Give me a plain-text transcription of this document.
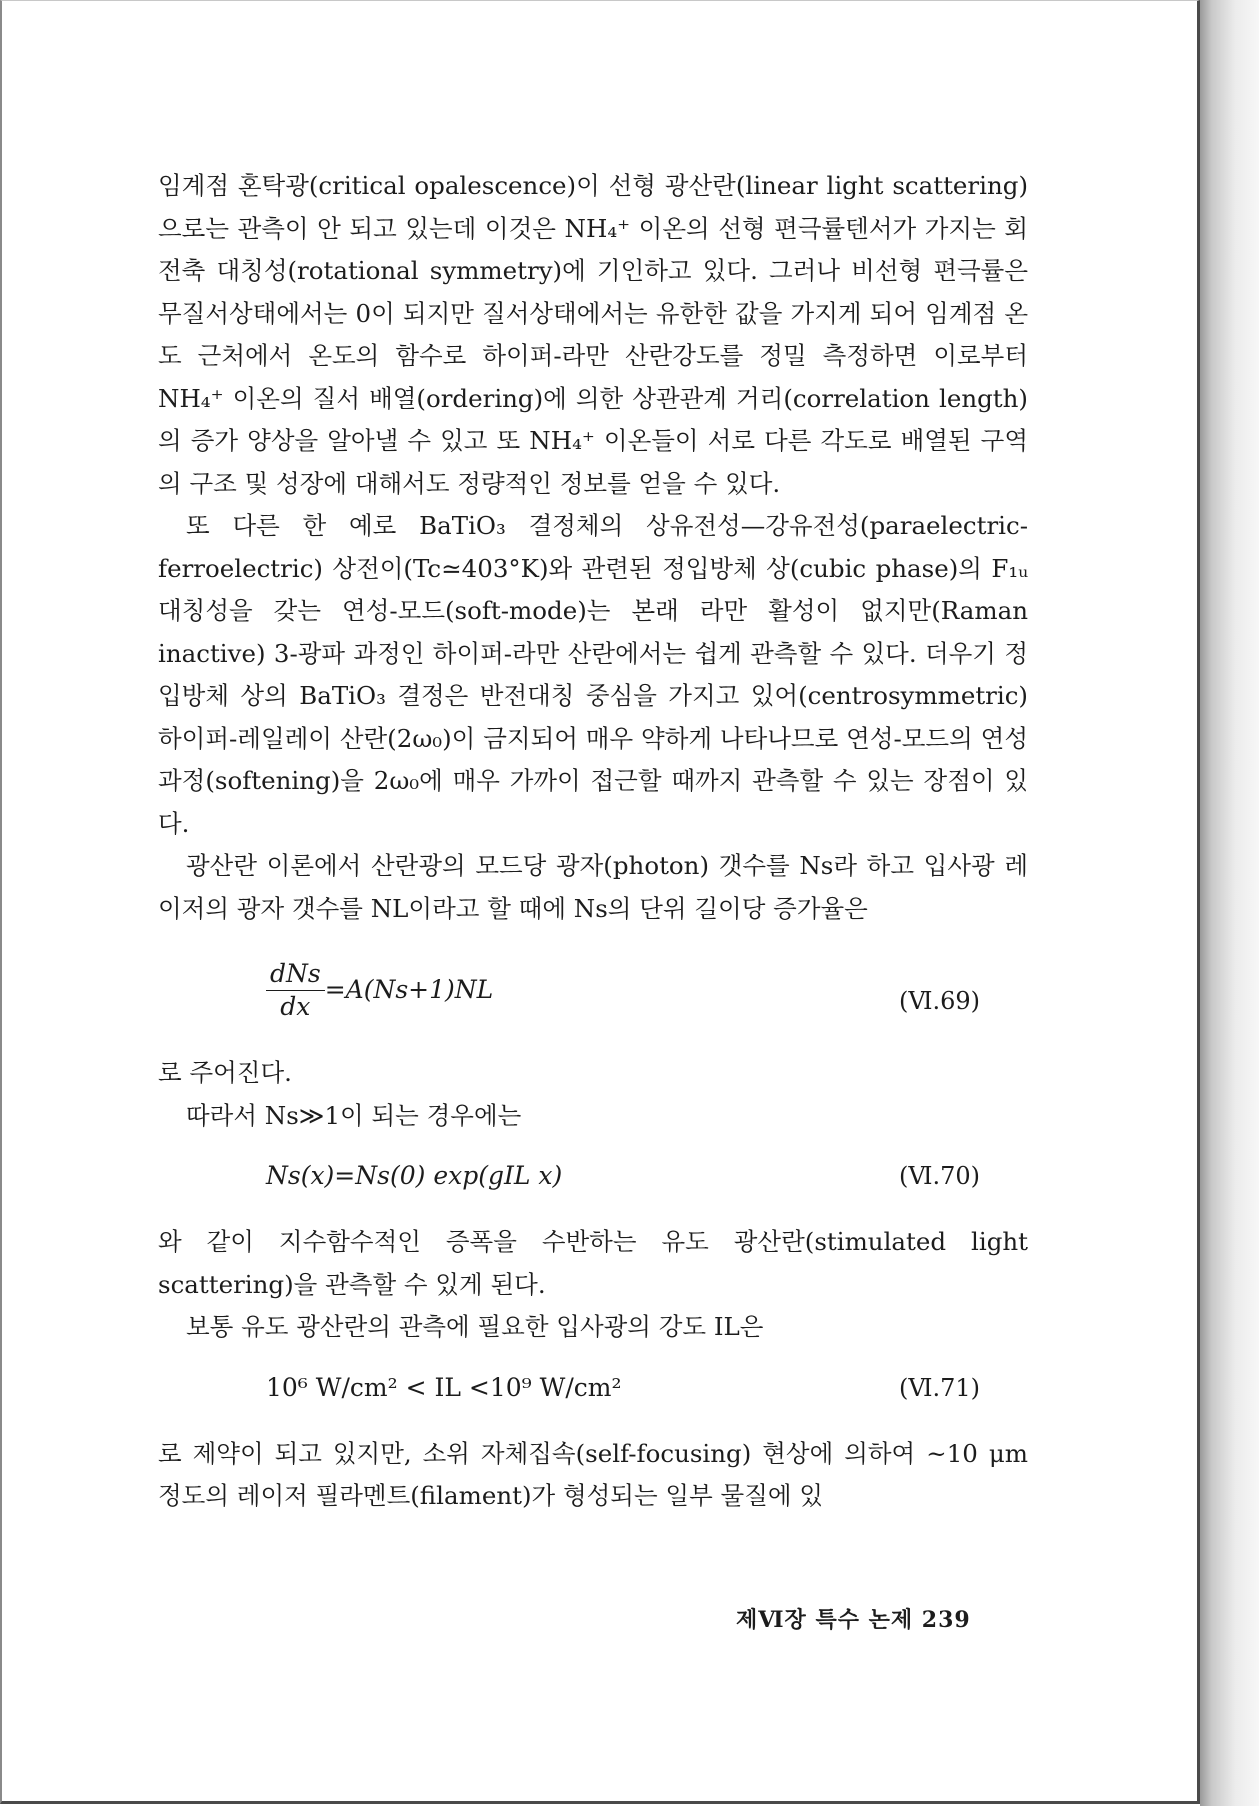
임계점 혼탁광(critical opalescence)이 선형 광산란(linear light scattering)으로는 관측이 안 되고 있는데 이것은 NH₄⁺ 이온의 선형 편극률텐서가 가지는 회전축 대칭성(rotational symmetry)에 기인하고 있다. 그러나 비선형 편극률은 무질서상태에서는 0이 되지만 질서상태에서는 유한한 값을 가지게 되어 임계점 온도 근처에서 온도의 함수로 하이퍼-라만 산란강도를 정밀 측정하면 이로부터 NH₄⁺ 이온의 질서 배열(ordering)에 의한 상관관계 거리(correlation length)의 증가 양상을 알아낼 수 있고 또 NH₄⁺ 이온들이 서로 다른 각도로 배열된 구역의 구조 및 성장에 대해서도 정량적인 정보를 얻을 수 있다.

또 다른 한 예로 BaTiO₃ 결정체의 상유전성—강유전성(paraelectric-ferroelectric) 상전이(Tc≃403°K)와 관련된 정입방체 상(cubic phase)의 F₁ᵤ 대칭성을 갖는 연성-모드(soft-mode)는 본래 라만 활성이 없지만(Raman inactive) 3-광파 과정인 하이퍼-라만 산란에서는 쉽게 관측할 수 있다. 더우기 정입방체 상의 BaTiO₃ 결정은 반전대칭 중심을 가지고 있어(centrosymmetric) 하이퍼-레일레이 산란(2ω₀)이 금지되어 매우 약하게 나타나므로 연성-모드의 연성 과정(softening)을 2ω₀에 매우 가까이 접근할 때까지 관측할 수 있는 장점이 있다.

광산란 이론에서 산란광의 모드당 광자(photon) 갯수를 Ns라 하고 입사광 레이저의 광자 갯수를 NL이라고 할 때에 Ns의 단위 길이당 증가율은

$\frac{\text{dNs}}{dx} =A(Ns+1)NL$	(Ⅵ.69)

로 주어진다.

따라서 Ns≫1이 되는 경우에는

Ns(x)=Ns(0) exp(gIL x)	(Ⅵ.70)

와 같이 지수함수적인 증폭을 수반하는 유도 광산란(stimulated light scattering)을 관측할 수 있게 된다.

보통 유도 광산란의 관측에 필요한 입사광의 강도 IL은

10⁶ W/cm² < IL <10⁹ W/cm²	(Ⅵ.71)

로 제약이 되고 있지만, 소위 자체집속(self-focusing) 현상에 의하여 ~10 μm 정도의 레이저 필라멘트(filament)가 형성되는 일부 물질에 있

제Ⅵ장 특수 논제 239
